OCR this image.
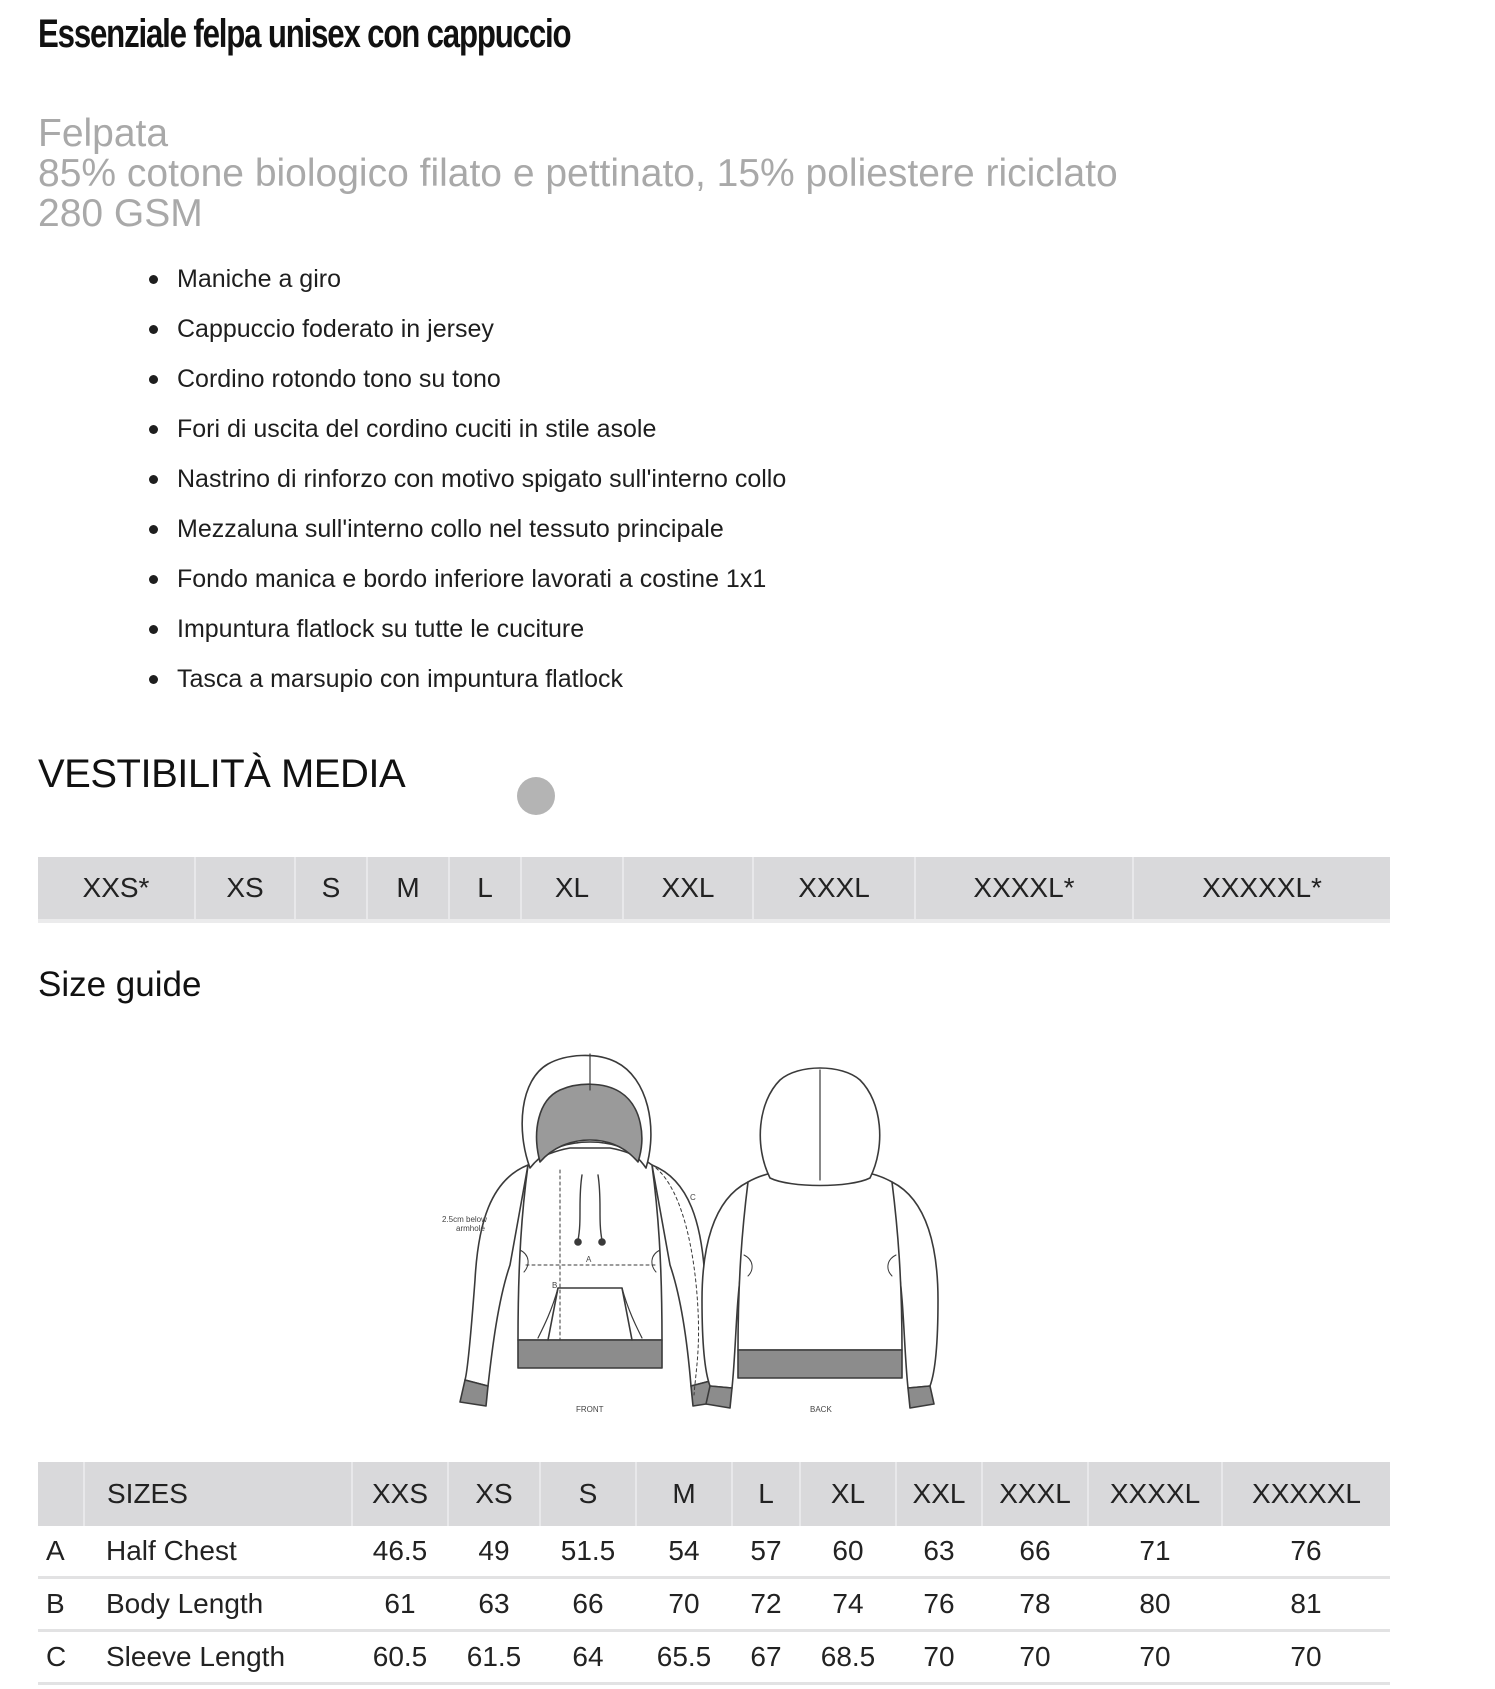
Essenziale felpa unisex con cappuccio
Felpata
85% cotone biologico filato e pettinato, 15% poliestere riciclato
280 GSM
Maniche a giro
Cappuccio foderato in jersey
Cordino rotondo tono su tono
Fori di uscita del cordino cuciti in stile asole
Nastrino di rinforzo con motivo spigato sull'interno collo
Mezzaluna sull'interno collo nel tessuto principale
Fondo manica e bordo inferiore lavorati a costine 1x1
Impuntura flatlock su tutte le cuciture
Tasca a marsupio con impuntura flatlock
VESTIBILITÀ MEDIA
XXS*	XS	S	M	L	XL	XXL	XXXL	XXXXL*	XXXXXL*
Size guide
2.5cm below
armhole
A
B
C
FRONT	BACK
	SIZES	XXS	XS	S	M	L	XL	XXL	XXXL	XXXXL	XXXXXL
A	Half Chest	46.5	49	51.5	54	57	60	63	66	71	76
B	Body Length	61	63	66	70	72	74	76	78	80	81
C	Sleeve Length	60.5	61.5	64	65.5	67	68.5	70	70	70	70
